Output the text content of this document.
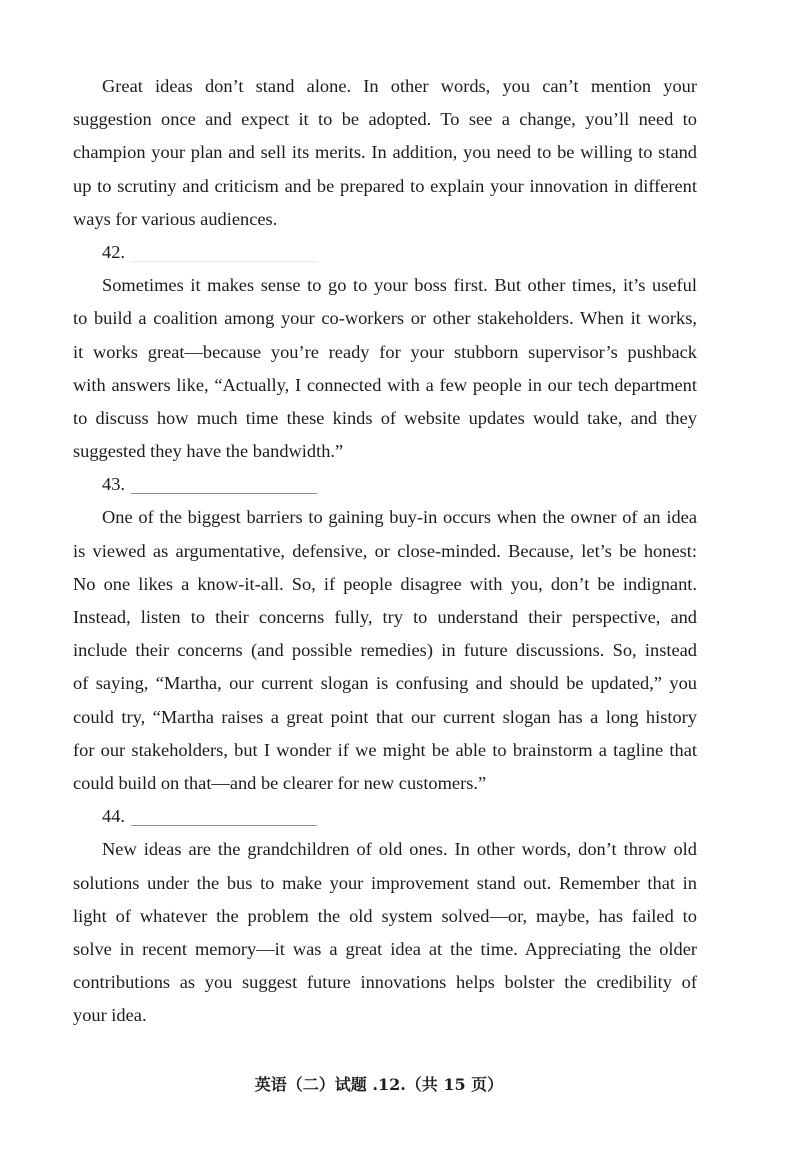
Great ideas don’t stand alone. In other words, you can’t mention your
suggestion once and expect it to be adopted. To see a change, you’ll need to
champion your plan and sell its merits. In addition, you need to be willing to stand
up to scrutiny and criticism and be prepared to explain your innovation in different
ways for various audiences.
42.
Sometimes it makes sense to go to your boss first. But other times, it’s useful
to build a coalition among your co-workers or other stakeholders. When it works,
it works great—because you’re ready for your stubborn supervisor’s pushback
with answers like, “Actually, I connected with a few people in our tech department
to discuss how much time these kinds of website updates would take, and they
suggested they have the bandwidth.”
43.
One of the biggest barriers to gaining buy-in occurs when the owner of an idea
is viewed as argumentative, defensive, or close-minded. Because, let’s be honest:
No one likes a know-it-all. So, if people disagree with you, don’t be indignant.
Instead, listen to their concerns fully, try to understand their perspective, and
include their concerns (and possible remedies) in future discussions. So, instead
of saying, “Martha, our current slogan is confusing and should be updated,” you
could try, “Martha raises a great point that our current slogan has a long history
for our stakeholders, but I wonder if we might be able to brainstorm a tagline that
could build on that—and be clearer for new customers.”
44.
New ideas are the grandchildren of old ones. In other words, don’t throw old
solutions under the bus to make your improvement stand out. Remember that in
light of whatever the problem the old system solved—or, maybe, has failed to
solve in recent memory—it was a great idea at the time. Appreciating the older
contributions as you suggest future innovations helps bolster the credibility of
your idea.
英语（二）试题 .12.（共 15 页）
